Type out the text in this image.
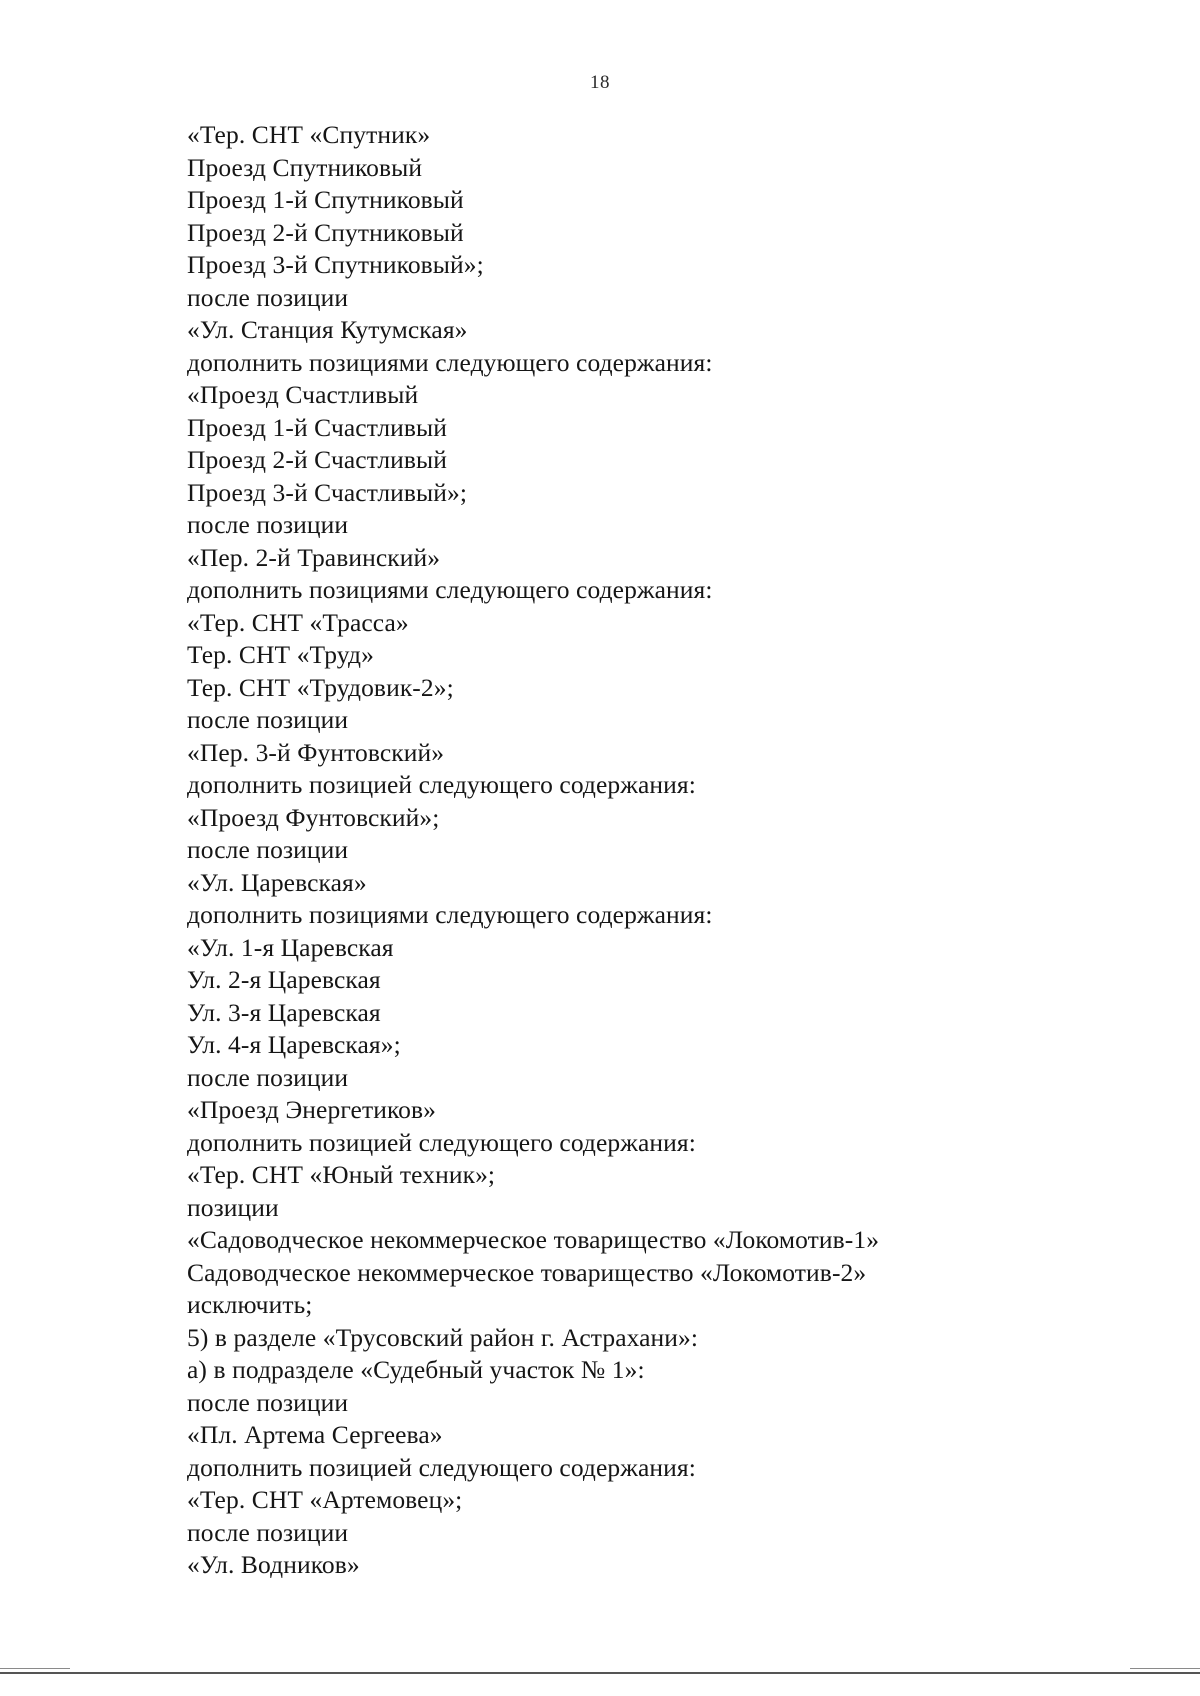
18
«Тер. СНТ «Спутник»
Проезд Спутниковый
Проезд 1-й Спутниковый
Проезд 2-й Спутниковый
Проезд 3-й Спутниковый»;
после позиции
«Ул. Станция Кутумская»
дополнить позициями следующего содержания:
«Проезд Счастливый
Проезд 1-й Счастливый
Проезд 2-й Счастливый
Проезд 3-й Счастливый»;
после позиции
«Пер. 2-й Травинский»
дополнить позициями следующего содержания:
«Тер. СНТ «Трасса»
Тер. СНТ «Труд»
Тер. СНТ «Трудовик-2»;
после позиции
«Пер. 3-й Фунтовский»
дополнить позицией следующего содержания:
«Проезд Фунтовский»;
после позиции
«Ул. Царевская»
дополнить позициями следующего содержания:
«Ул. 1-я Царевская
Ул. 2-я Царевская
Ул. 3-я Царевская
Ул. 4-я Царевская»;
после позиции
«Проезд Энергетиков»
дополнить позицией следующего содержания:
«Тер. СНТ «Юный техник»;
позиции
«Садоводческое некоммерческое товарищество «Локомотив-1»
Садоводческое некоммерческое товарищество «Локомотив-2»
исключить;
5) в разделе «Трусовский район г. Астрахани»:
а) в подразделе «Судебный участок № 1»:
после позиции
«Пл. Артема Сергеева»
дополнить позицией следующего содержания:
«Тер. СНТ «Артемовец»;
после позиции
«Ул. Водников»
